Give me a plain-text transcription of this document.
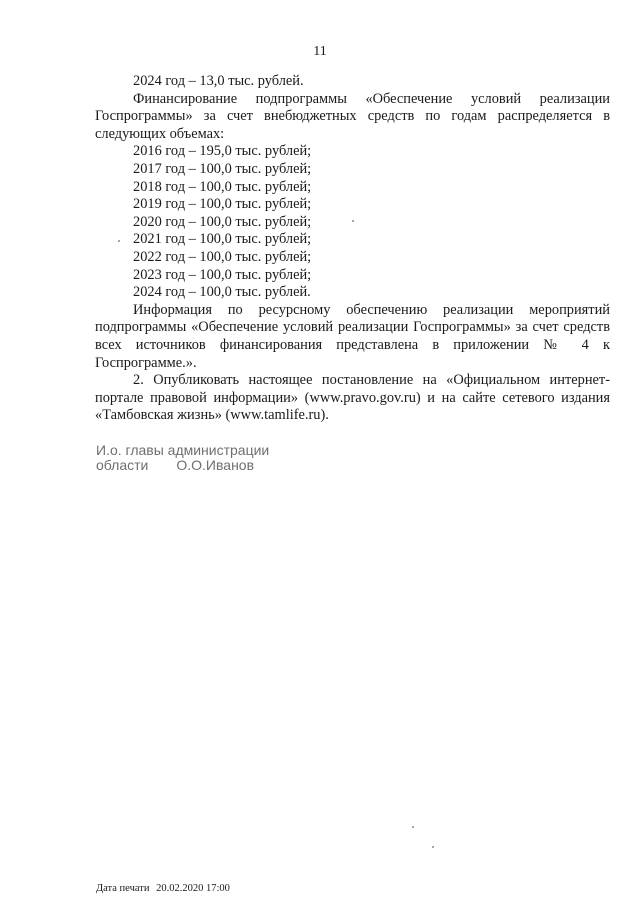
11
2024 год – 13,0 тыс. рублей.

Финансирование подпрограммы «Обеспечение условий реализации Госпрограммы» за счет внебюджетных средств по годам распределяется в следующих объемах:

2016 год – 195,0 тыс. рублей;
2017 год – 100,0 тыс. рублей;
2018 год – 100,0 тыс. рублей;
2019 год – 100,0 тыс. рублей;
2020 год – 100,0 тыс. рублей;
2021 год – 100,0 тыс. рублей;
2022 год – 100,0 тыс. рублей;
2023 год – 100,0 тыс. рублей;
2024 год – 100,0 тыс. рублей.

Информация по ресурсному обеспечению реализации мероприятий подпрограммы «Обеспечение условий реализации Госпрограммы» за счет средств всех источников финансирования представлена в приложении № 4 к Госпрограмме.».

2. Опубликовать настоящее постановление на «Официальном интернет-портале правовой информации» (www.pravo.gov.ru) и на сайте сетевого издания «Тамбовская жизнь» (www.tamlife.ru).

И.о. главы администрации
области О.О.Иванов
Дата печати 20.02.2020 17:00
